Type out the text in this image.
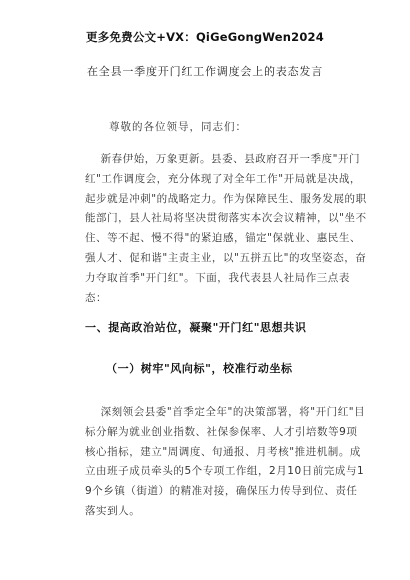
更多免费公文+VX：QiGeGongWen2024
在全县一季度开门红工作调度会上的表态发言
尊敬的各位领导，同志们：
新春伊始，万象更新。县委、县政府召开一季度"开门红"工作调度会，充分体现了对全年工作"开局就是决战，起步就是冲刺"的战略定力。作为保障民生、服务发展的职能部门，县人社局将坚决贯彻落实本次会议精神，以"坐不住、等不起、慢不得"的紧迫感，锚定"保就业、惠民生、强人才、促和谐"主责主业，以"五拼五比"的攻坚姿态，奋力夺取首季"开门红"。下面，我代表县人社局作三点表态：
一、提高政治站位，凝聚"开门红"思想共识
（一）树牢"风向标"，校准行动坐标
深刻领会县委"首季定全年"的决策部署，将"开门红"目标分解为就业创业指数、社保参保率、人才引培数等9项核心指标，建立"周调度、旬通报、月考核"推进机制。成立由班子成员牵头的5个专项工作组，2月10日前完成与19个乡镇（街道）的精准对接，确保压力传导到位、责任落实到人。
